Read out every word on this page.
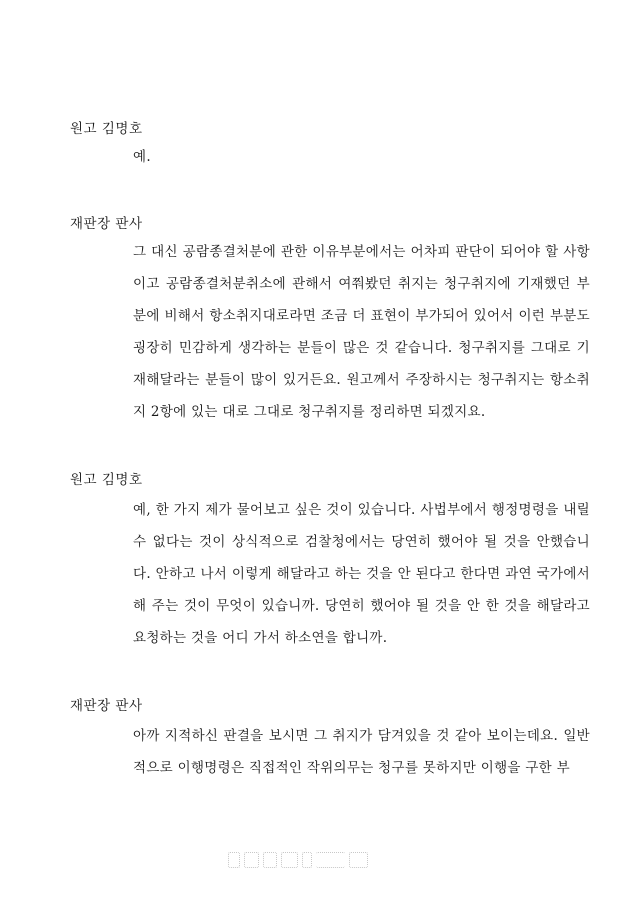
원고 김명호

예.

재판장 판사

그 대신 공람종결처분에 관한 이유부분에서는 어차피 판단이 되어야 할 사항이고 공람종결처분취소에 관해서 여쭤봤던 취지는 청구취지에 기재했던 부분에 비해서 항소취지대로라면 조금 더 표현이 부가되어 있어서 이런 부분도 굉장히 민감하게 생각하는 분들이 많은 것 같습니다. 청구취지를 그대로 기재해달라는 분들이 많이 있거든요. 원고께서 주장하시는 청구취지는 항소취지 2항에 있는 대로 그대로 청구취지를 정리하면 되겠지요.

원고 김명호

예, 한 가지 제가 물어보고 싶은 것이 있습니다. 사법부에서 행정명령을 내릴 수 없다는 것이 상식적으로 검찰청에서는 당연히 했어야 될 것을 안했습니다. 안하고 나서 이렇게 해달라고 하는 것을 안 된다고 한다면 과연 국가에서 해 주는 것이 무엇이 있습니까. 당연히 했어야 될 것을 안 한 것을 해달라고 요청하는 것을 어디 가서 하소연을 합니까.

재판장 판사

아까 지적하신 판결을 보시면 그 취지가 담겨있을 것 같아 보이는데요. 일반적으로 이행명령은 직접적인 작위의무는 청구를 못하지만 이행을 구한 부
